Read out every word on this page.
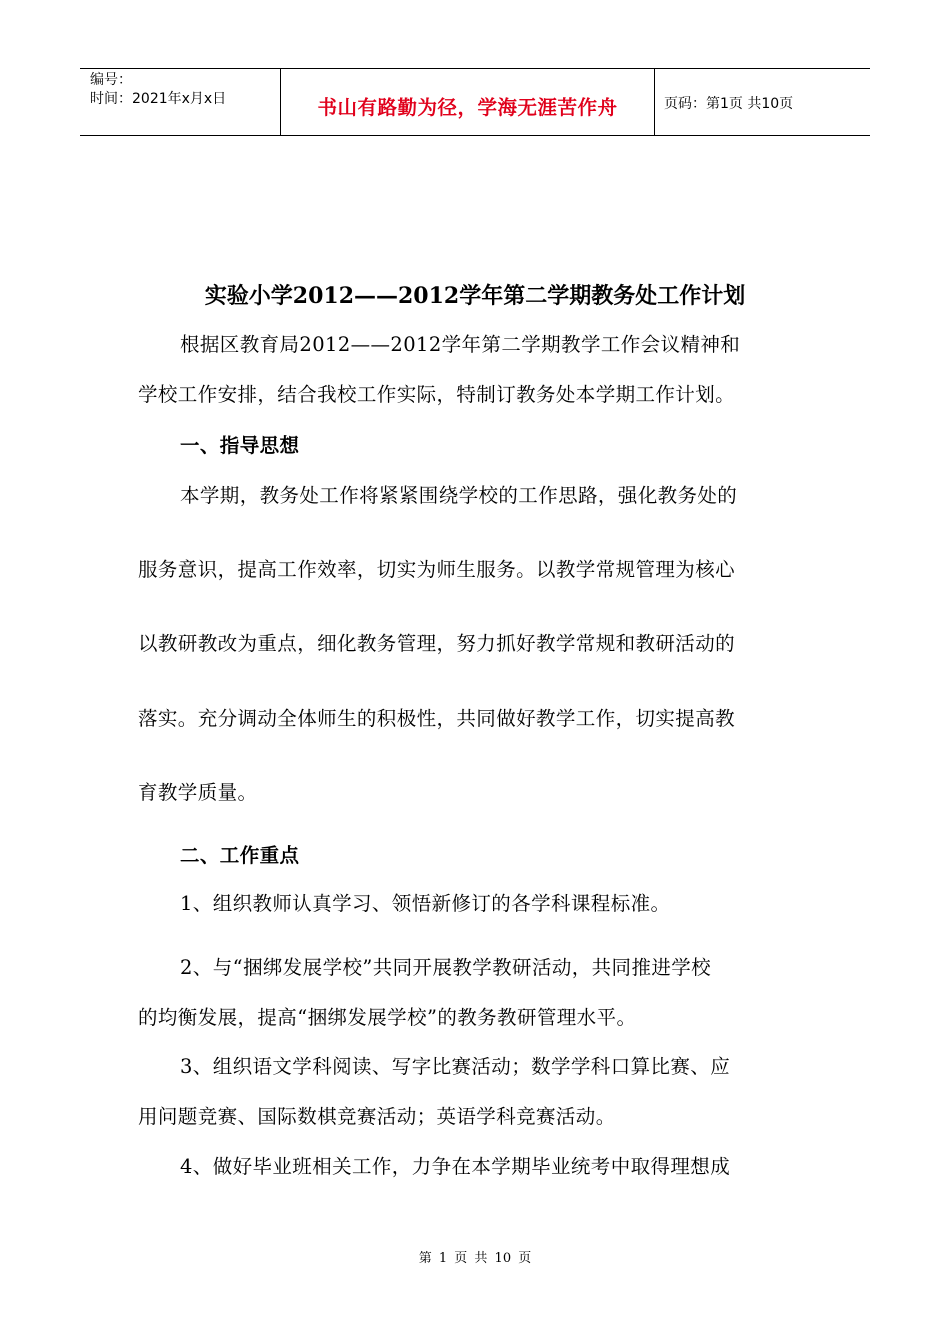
编号：
时间：2021年x月x日	书山有路勤为径，学海无涯苦作舟	页码：第1页 共10页
实验小学2012——2012学年第二学期教务处工作计划

根据区教育局2012——2012学年第二学期教学工作会议精神和

学校工作安排，结合我校工作实际，特制订教务处本学期工作计划。

一、指导思想

本学期，教务处工作将紧紧围绕学校的工作思路，强化教务处的

服务意识，提高工作效率，切实为师生服务。以教学常规管理为核心

以教研教改为重点，细化教务管理，努力抓好教学常规和教研活动的

落实。充分调动全体师生的积极性，共同做好教学工作，切实提高教

育教学质量。

二、工作重点

1、组织教师认真学习、领悟新修订的各学科课程标准。

2、与“捆绑发展学校”共同开展教学教研活动，共同推进学校

的均衡发展，提高“捆绑发展学校”的教务教研管理水平。

3、组织语文学科阅读、写字比赛活动；数学学科口算比赛、应

用问题竞赛、国际数棋竞赛活动；英语学科竞赛活动。

4、做好毕业班相关工作，力争在本学期毕业统考中取得理想成

第 1 页 共 10 页
